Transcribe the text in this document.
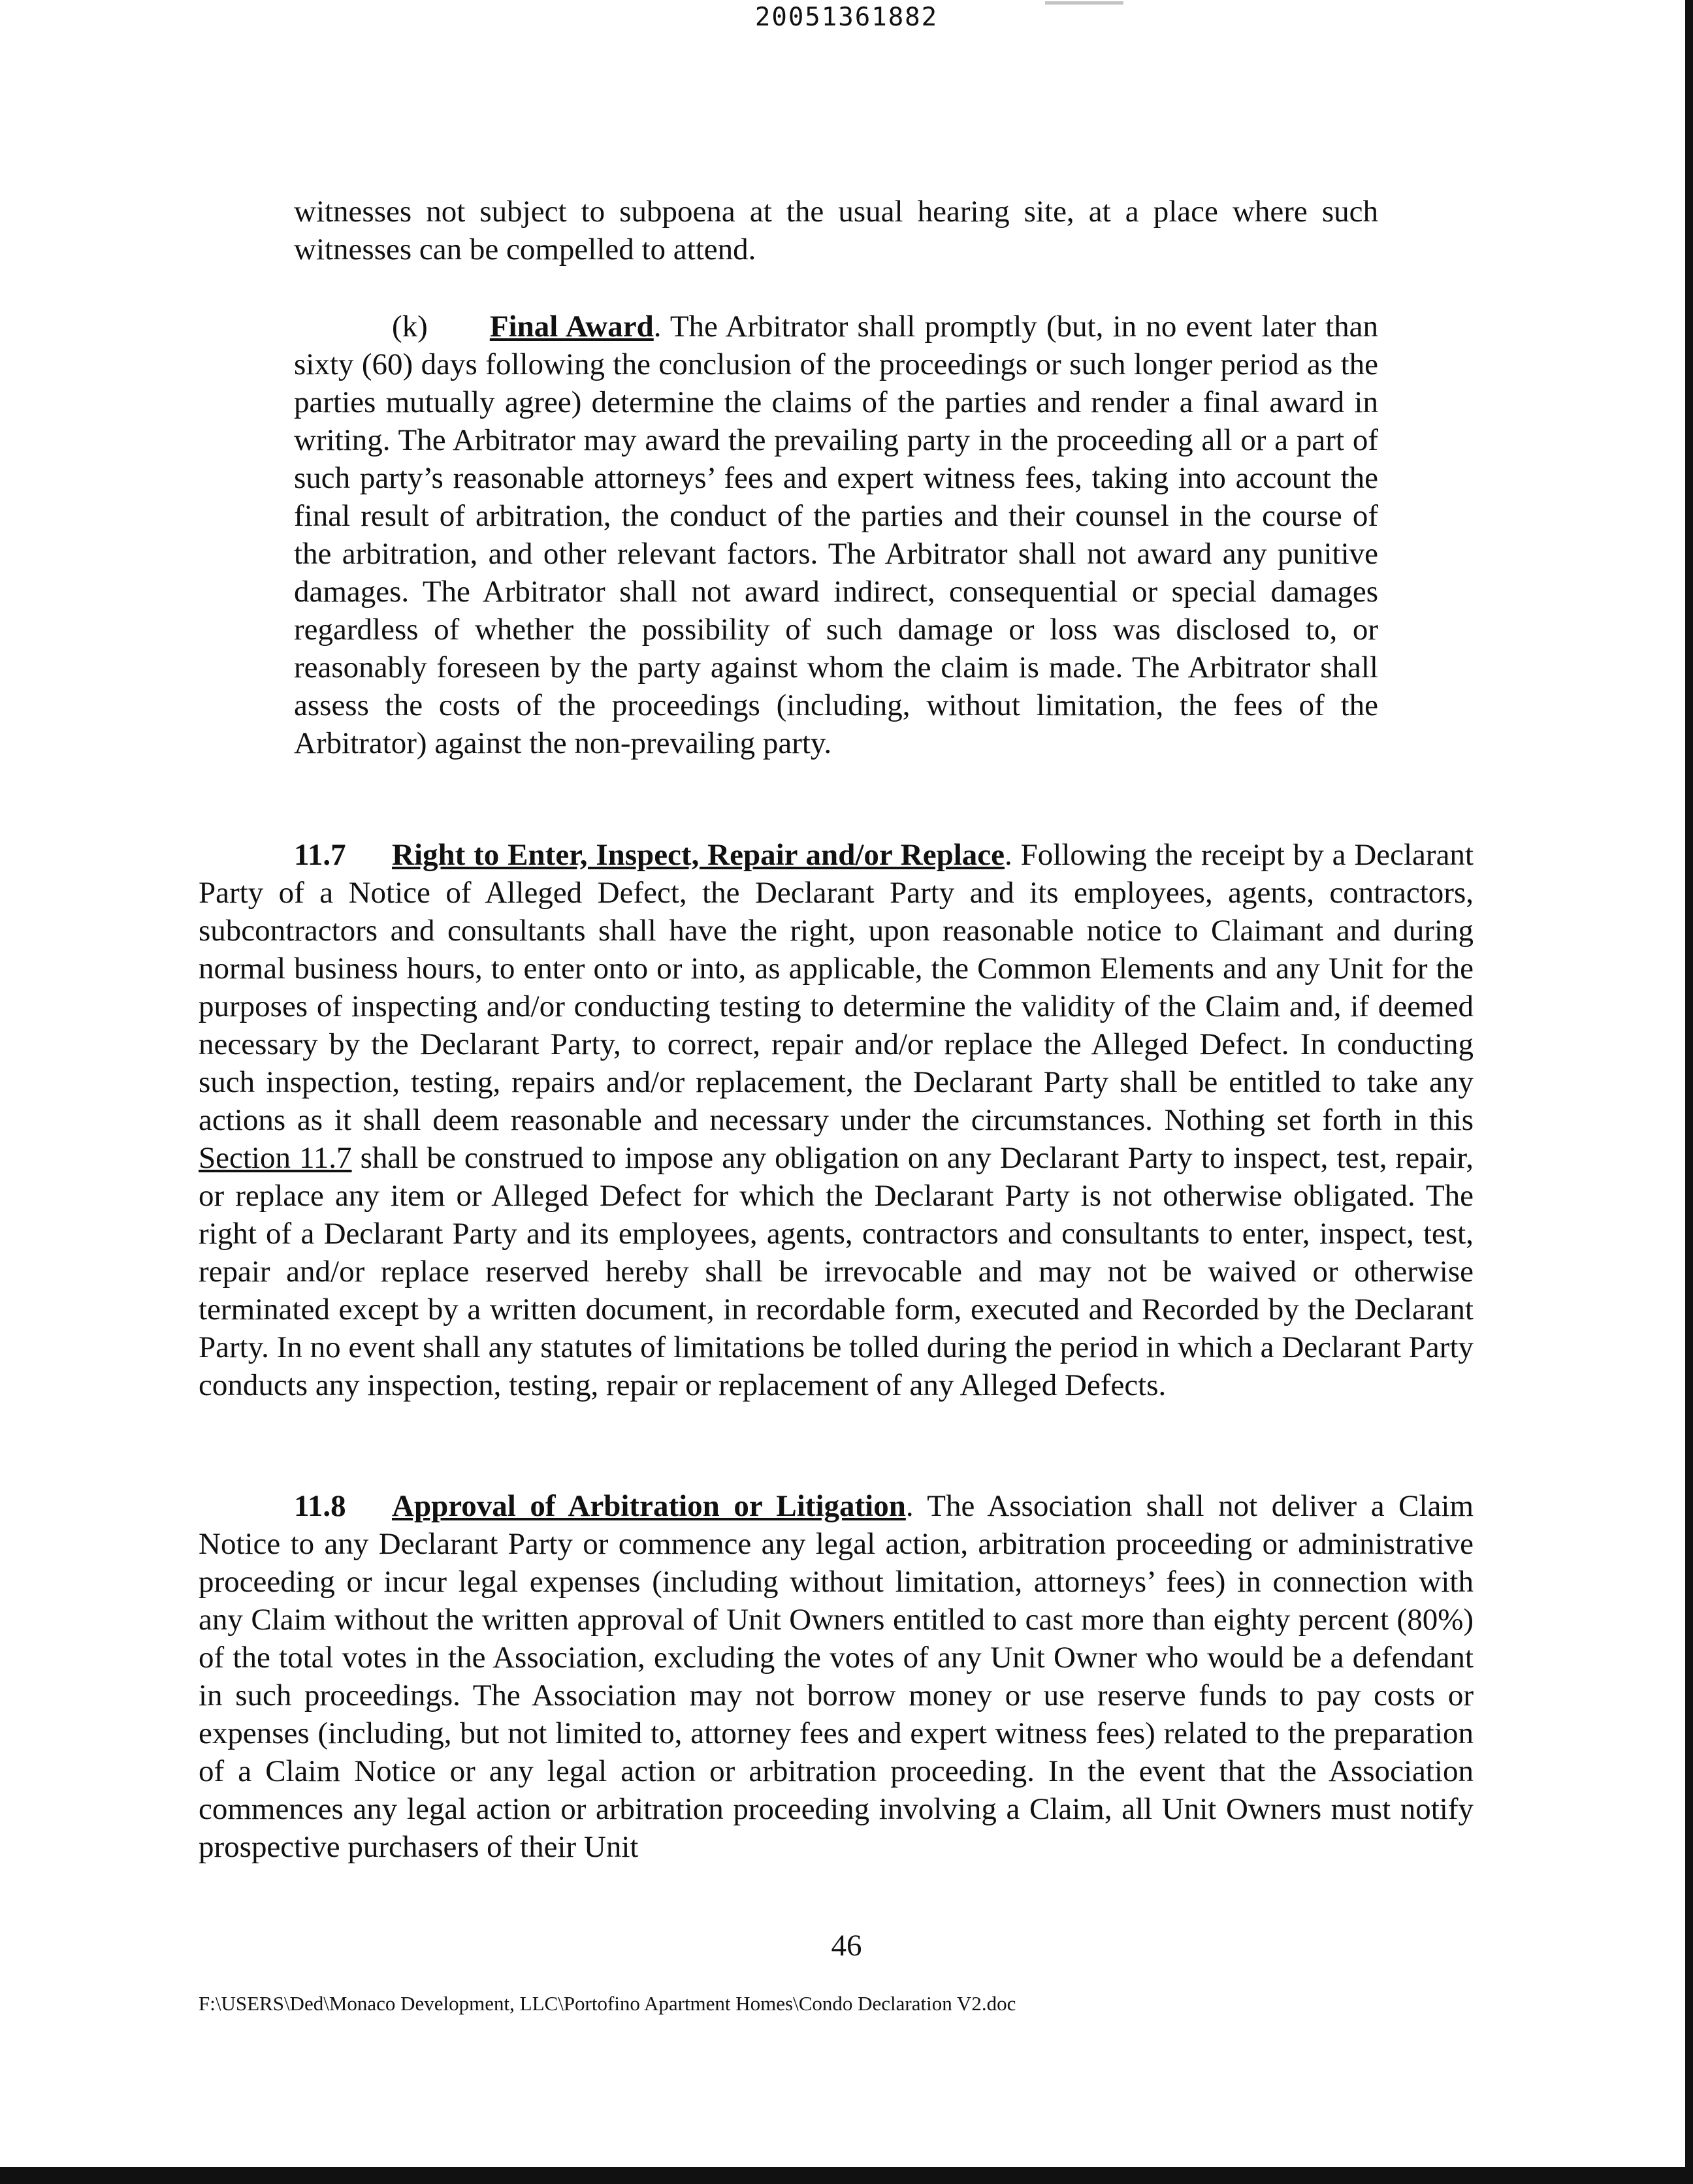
20051361882

witnesses not subject to subpoena at the usual hearing site, at a place where such witnesses can be compelled to attend.

(k) Final Award. The Arbitrator shall promptly (but, in no event later than sixty (60) days following the conclusion of the proceedings or such longer period as the parties mutually agree) determine the claims of the parties and render a final award in writing. The Arbitrator may award the prevailing party in the proceeding all or a part of such party’s reasonable attorneys’ fees and expert witness fees, taking into account the final result of arbitration, the conduct of the parties and their counsel in the course of the arbitration, and other relevant factors. The Arbitrator shall not award any punitive damages. The Arbitrator shall not award indirect, consequential or special damages regardless of whether the possibility of such damage or loss was disclosed to, or reasonably foreseen by the party against whom the claim is made. The Arbitrator shall assess the costs of the proceedings (including, without limitation, the fees of the Arbitrator) against the non-prevailing party.

11.7 Right to Enter, Inspect, Repair and/or Replace. Following the receipt by a Declarant Party of a Notice of Alleged Defect, the Declarant Party and its employees, agents, contractors, subcontractors and consultants shall have the right, upon reasonable notice to Claimant and during normal business hours, to enter onto or into, as applicable, the Common Elements and any Unit for the purposes of inspecting and/or conducting testing to determine the validity of the Claim and, if deemed necessary by the Declarant Party, to correct, repair and/or replace the Alleged Defect. In conducting such inspection, testing, repairs and/or replacement, the Declarant Party shall be entitled to take any actions as it shall deem reasonable and necessary under the circumstances. Nothing set forth in this Section 11.7 shall be construed to impose any obligation on any Declarant Party to inspect, test, repair, or replace any item or Alleged Defect for which the Declarant Party is not otherwise obligated. The right of a Declarant Party and its employees, agents, contractors and consultants to enter, inspect, test, repair and/or replace reserved hereby shall be irrevocable and may not be waived or otherwise terminated except by a written document, in recordable form, executed and Recorded by the Declarant Party. In no event shall any statutes of limitations be tolled during the period in which a Declarant Party conducts any inspection, testing, repair or replacement of any Alleged Defects.

11.8 Approval of Arbitration or Litigation. The Association shall not deliver a Claim Notice to any Declarant Party or commence any legal action, arbitration proceeding or administrative proceeding or incur legal expenses (including without limitation, attorneys’ fees) in connection with any Claim without the written approval of Unit Owners entitled to cast more than eighty percent (80%) of the total votes in the Association, excluding the votes of any Unit Owner who would be a defendant in such proceedings. The Association may not borrow money or use reserve funds to pay costs or expenses (including, but not limited to, attorney fees and expert witness fees) related to the preparation of a Claim Notice or any legal action or arbitration proceeding. In the event that the Association commences any legal action or arbitration proceeding involving a Claim, all Unit Owners must notify prospective purchasers of their Unit

46
F:\USERS\Ded\Monaco Development, LLC\Portofino Apartment Homes\Condo Declaration V2.doc
